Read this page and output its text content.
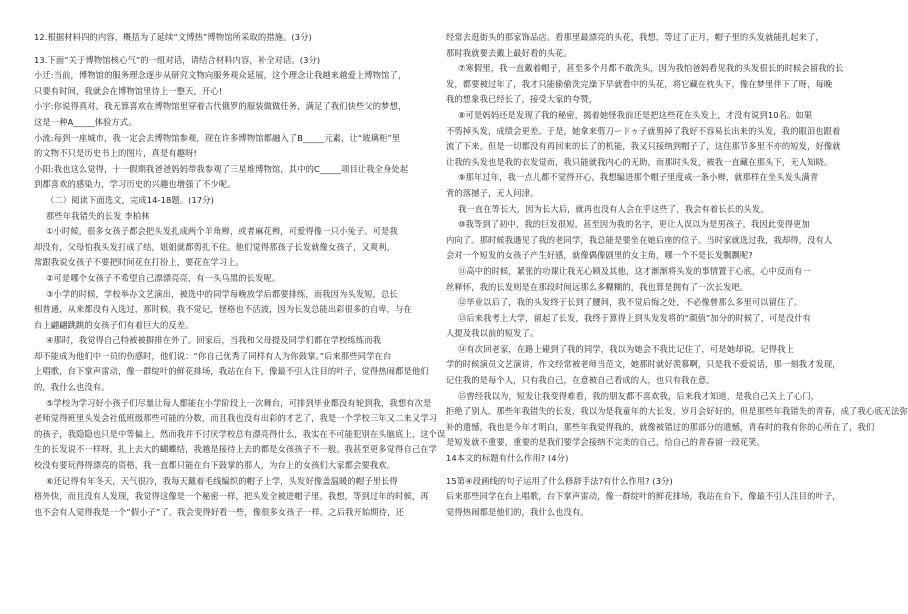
12.根据材料四的内容，概括为了延续“文博热”博物馆所采取的措施。(3分)
13.下面“关于博物馆核心气”的一组对话，请结合材料内容，补全对话。(3分)
小迁:当前，博物馆的服务理念逐步从研究文物向服务观众延展，这个理念让我越来越爱上博物馆了，
只要有时间，我就会在博物馆里待上一整天，开心!
小宇:你说得真对，我无算喜欢在博物馆里穿着古代俄罗的服装做做任务，满足了我们快些父的梦想，
这是一种A_____体验方式。
小流:每到一座城市，我一定会去博物馆参观，现在许多博物馆都融入了B_____元素，让“玻璃柜”里
的文物不只是历史书上的图片，真是有趣呀!
小阳:我也这么觉得，十一假期我爸爸妈妈带我参观了三星堆博物馆，其中的C_____项目让我全身处起
到都喜欢的感染力，学习历史的兴趣也增强了不少呢。
（二）阅读下面选文，完成14-18题。(17分)
那些年我错失的长发 李柏林
①小时候，很多女孩子都会把头发扎成两个羊角辫，或者麻花辫，可爱得像一只小兔子。可是我
却没有，父母怕我头发打成了结，姐姐就都剪扎不住。他们觉得那孩子长发就像女孩子，又爽利，
常跟我说女孩子不要把时间花在打扮上，要花在学习上。
②可是哪个女孩子不希望自己漂漂亮亮，有一头乌黑的长发呢。
③小学的时候，学校举办文艺演出，被选中的同学每晚放学后都要排练，而我因为头发短，总长
相普通，从来都没有入选过，那时候，我不觉记，怪格也不活波，因为长发总能出彩很多的自卑，与在
台上翩翩跳跳的女孩子们有着巨大的反差。
④那时，我觉得自己特被被摒排在外了。回家后，当我和父母提及同学们都在学校练练而我
却不能成为他们中一员的伤感时，他们说：“你自己优秀了同样有人为你鼓掌。”后来那些同学在台
上唱歌，台下掌声雷动，像一群绽叶的鲜花排场，我站在台下，像最不引人注目的叶子，觉得热闹都是他们
的，我什么也没有。
⑤学校为学习好小孩子们尽量让每人都能在小学阶段上一次舞台，可排到毕业都没有轮到我，我想有次是
老师觉得班里头发会社低班级那些可能的分数，而且我也没有出彩的才艺了，我是一个学校三年又二来又学习
的孩子，我隐隐也只是中等偏上。然而我并不讨厌学校总有漂亮得什么，我实在不可能犯别在头脑底上，这个误
生的长发说不一样呀，扎上去大的蝴蝶结，我越是接待上去的都是女孩孩子不一般。我甚至更多觉得自己在学
校没有要玩得得漂亮的资格，我一直都只能在台下鼓掌的那人，为台上的女孩们大家都会要我欢。
⑥还记得有年冬天，天气很冷，我每天戴着毛线编织的帽子上学，头发好像盖温暖的帽子里长得
格外快，而且没有人发现，我觉得这像是一个秘密一样，把头发全被进帽子里。我想，等到过年的时候，再
也不会有人觉得我是一个“假小子”了。我会变得好看一些，像很多女孩子一样。之后我开始期待，还
经常去逛街头的那家饰品店。看那里最漂亮的头花，我想，等过了正月，帽子里的头发就能扎起来了，
那时我就要去戴上最好看的头花。
⑦寒假里，我一直戴着帽子，甚至多个月都不敢洗头，因为我怕爸妈看见我的头发很长的时候会留我的长
发，都要被过年了，我才只能偷偷洗完澡下早就看中的头花，将它藏在枕头下，像在梦里伴下了呀，每晚
我的想象我已经长了，接受大家的夸赞，
⑧可是妈妈还是发现了我的秘密，揭着她怪我前还是把这些花在头发上，才没有说到10名。如果
不剪掉头发，成绩会更差。于是，她拿来剪刀ードゥ子就剪掉了我好不容易长出来的头发，我的眼泪也跟着
流了下来。但是一切都没有再回来的长了的机能，我又只接纳到帽子了，这住那节多里不亦的短发，好像就
让我的头发也是我的衣发觉而，我只能就我内心的无助，而那时头发，被我一直藏在那头下，无人知晓。
⑨那年过年，我一点儿都不觉得开心，我想编进那个帽子里度戒一条小辫，就那样在坐头发头满青
背的落撼子，无人问津。
我一直在等长大，因为长大后，就再也没有人会在乎这些了，我会有着长长的头发。
⑩我等到了初中，我的巨发很短，甚至因为我的名字，更让人误以为是男孩子，我因此变得更加
内向了。那时候我遇见了我的老同学，我总能是要坐在她后座的位子。当时家就选过我，我却得，没有人
会对一个短发的女孩子产生好感，就像偶像剧里的女主角，哪一个不是长发飘飘呢?
⑪高中的时候，紧张的功课让我无心顾及其他，这才渐渐将头发的事情置于心底，心中反而有一
丝释怀，我的长发则是在那段时间远那么多糊糊的，我也算是拥有了一次长发吧。
⑫毕业以后了，我的头发终于长到了腰间，我不觉后悔之处，不必像曾那么多里可以留住了。
⑬后来我考上大学，留起了长发，我终于算得上到头发发将的“颜值”加分的时候了，可是没什有
人提及我以前的短发了。
⑭有次回老家，在路上碰到了我的同学，我以为她会不我比记住了，可是她却说，记得我上
学的时候演员文艺演讲，作文经常被老师当范文，她那时就好羡慕啊，只是我不爱说话，那一刻我才发现，
记住我的是每个人，只有我自己，在意被自己看成的人，也只有我在意。
⑮曾经我以为，短发让我变得难看，我的朋友都不喜欢我，后来我才知道，是我自己关上了心门，
拒绝了别人。那些年我错失的长发，我以为是我童年的大长发，岁月会好好的，但是那些年我错失的青春，成了我心底无法弥
补的遗憾，我也是今年才明白，那些年我觉得我的，就像被错过的那部分的遗憾，青春时的我有你的心所在了，我们
是短发就不重要，重要的是我们要学会接纳不完美的自己，给自己的青春留一段花笑。
14本文的标题有什么作用? (4分)
15第④段画线的句子运用了什么修辞手法?有什么作用? (3分)
后来那些同学在台上唱歌，台下掌声雷动，像一群绽叶的鲜花排场，我站在台下，像最不引人注目的叶子，
觉得热闹都是他们的，我什么也没有。
